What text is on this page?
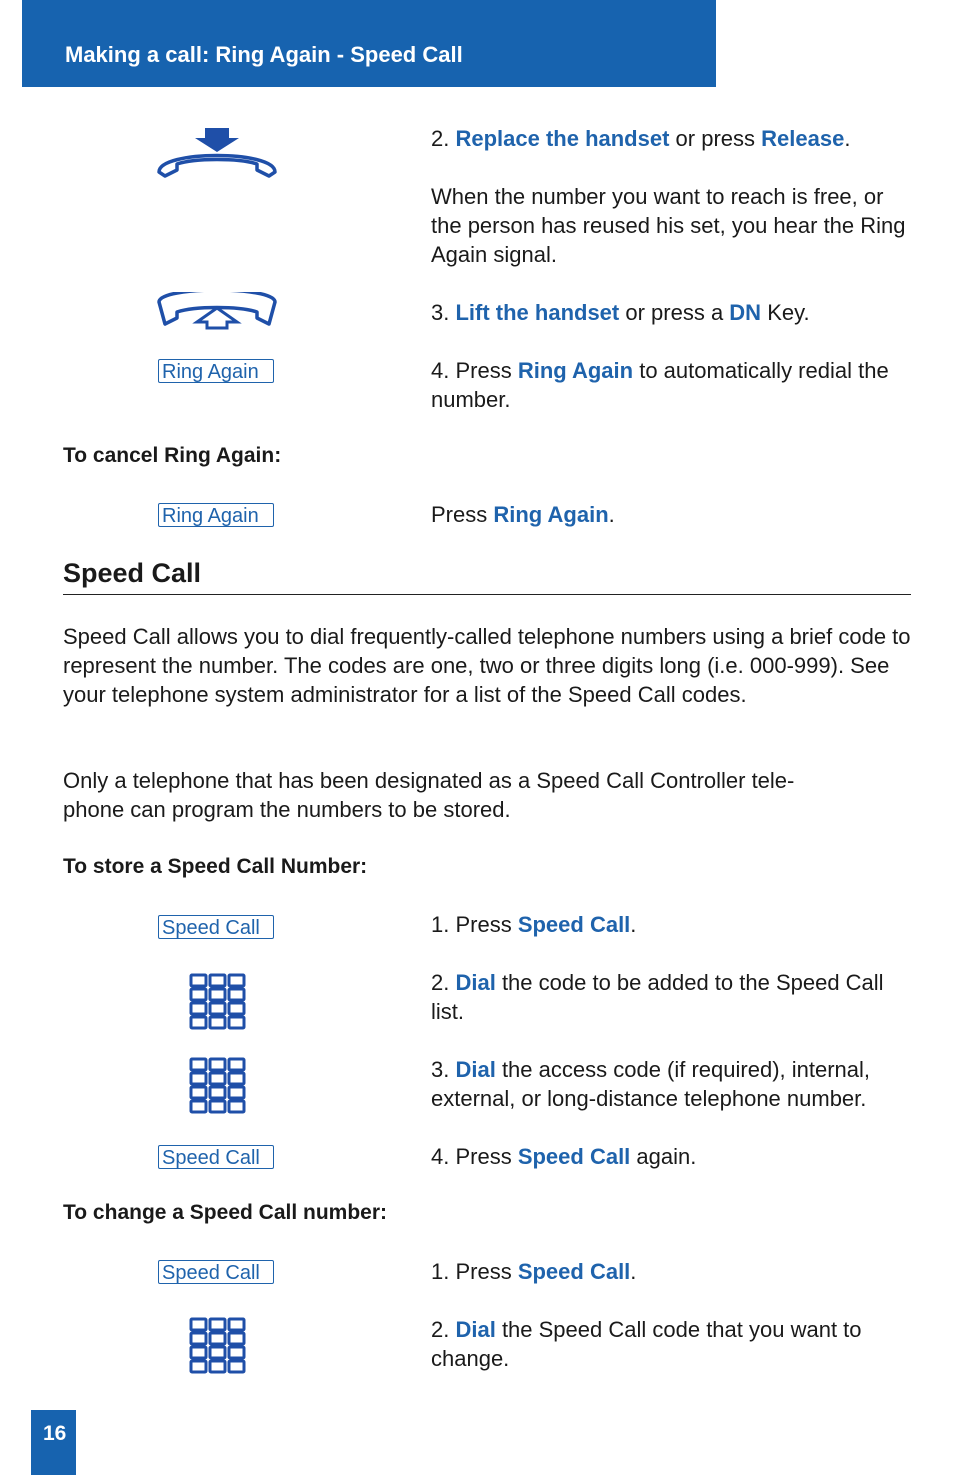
Making a call: Ring Again - Speed Call
2. Replace the handset or press Release.
When the number you want to reach is free, or the person has reused his set, you hear the Ring Again signal.
3. Lift the handset or press a DN Key.
Ring Again	4. Press Ring Again to automatically redial the number.
To cancel Ring Again:
Ring Again	Press Ring Again.
Speed Call
Speed Call allows you to dial frequently-called telephone numbers using a brief code to represent the number. The codes are one, two or three digits long (i.e. 000-999). See your telephone system administrator for a list of the Speed Call codes.
Only a telephone that has been designated as a Speed Call Controller tele-
phone can program the numbers to be stored.
To store a Speed Call Number:
Speed Call	1. Press Speed Call.
2. Dial the code to be added to the Speed Call list.
3. Dial the access code (if required), internal, external, or long-distance telephone number.
Speed Call	4. Press Speed Call again.
To change a Speed Call number:
Speed Call	1. Press Speed Call.
2. Dial the Speed Call code that you want to change.
16
